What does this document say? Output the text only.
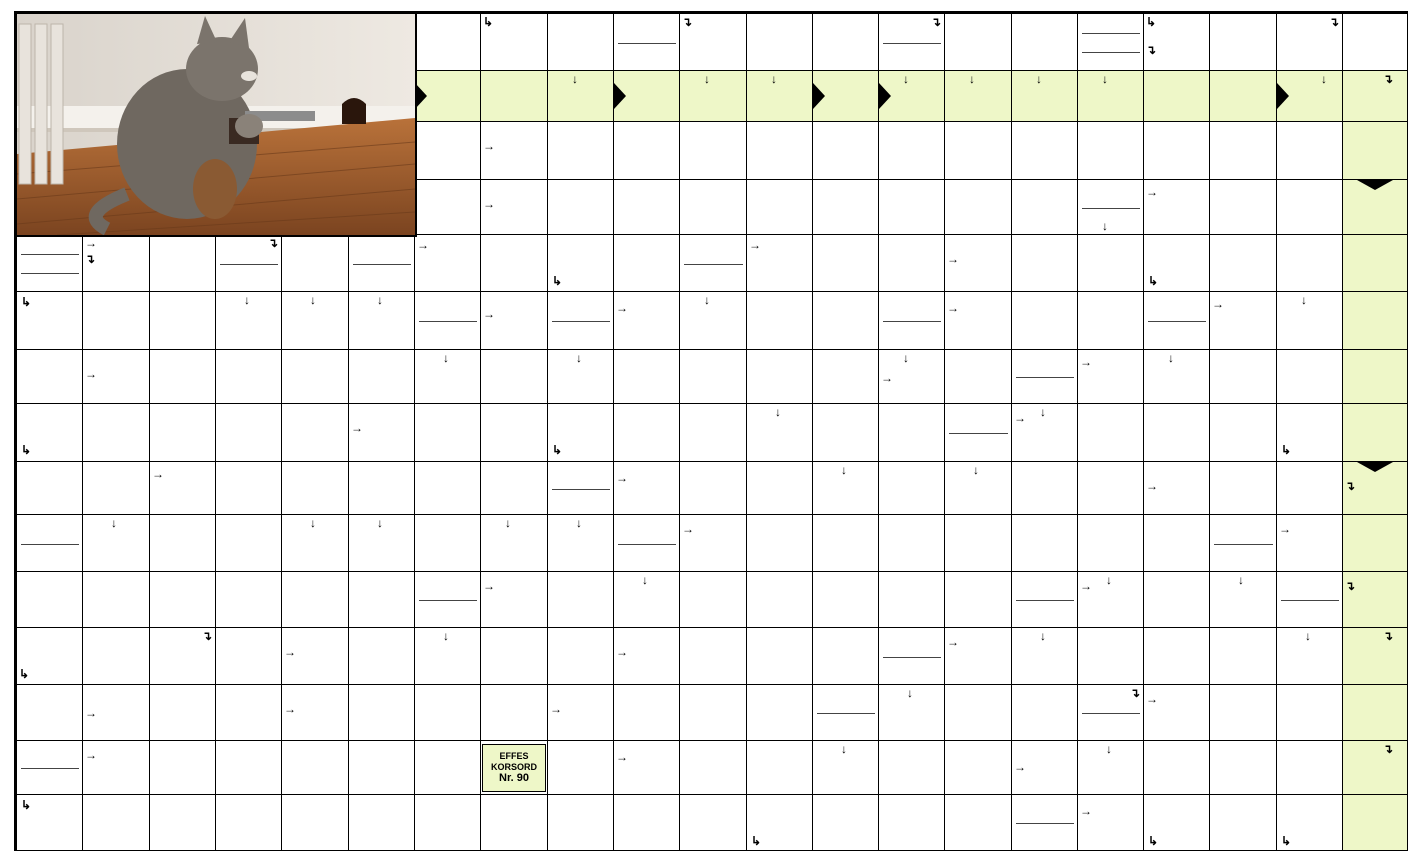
↳	↴	↴	↳
↴
↴
↓	↓	↓	↓	↓	↓	↓	↓	↴
→
→
→
↓
→
↴
↴	→	→
→
↳	↳
↓	↓	↓	↓	↓
↳
→	→	→	→
↓	↓	↓	↓
→	→
→
↓	↓
→
→
↳	↳	↳
→	→
↓	↓
→	↴
↓	↓	↓	↓	↓	→	→
↓	↓	↓
→	→	↴
↓	↓	↓
↴	↴
→	→
→
↳
→	→	→
↓	↴ →
↓	↓
→	→
→
↴
↳	→
↳	↳	↳
EFFES
KORSORD
Nr. 90
